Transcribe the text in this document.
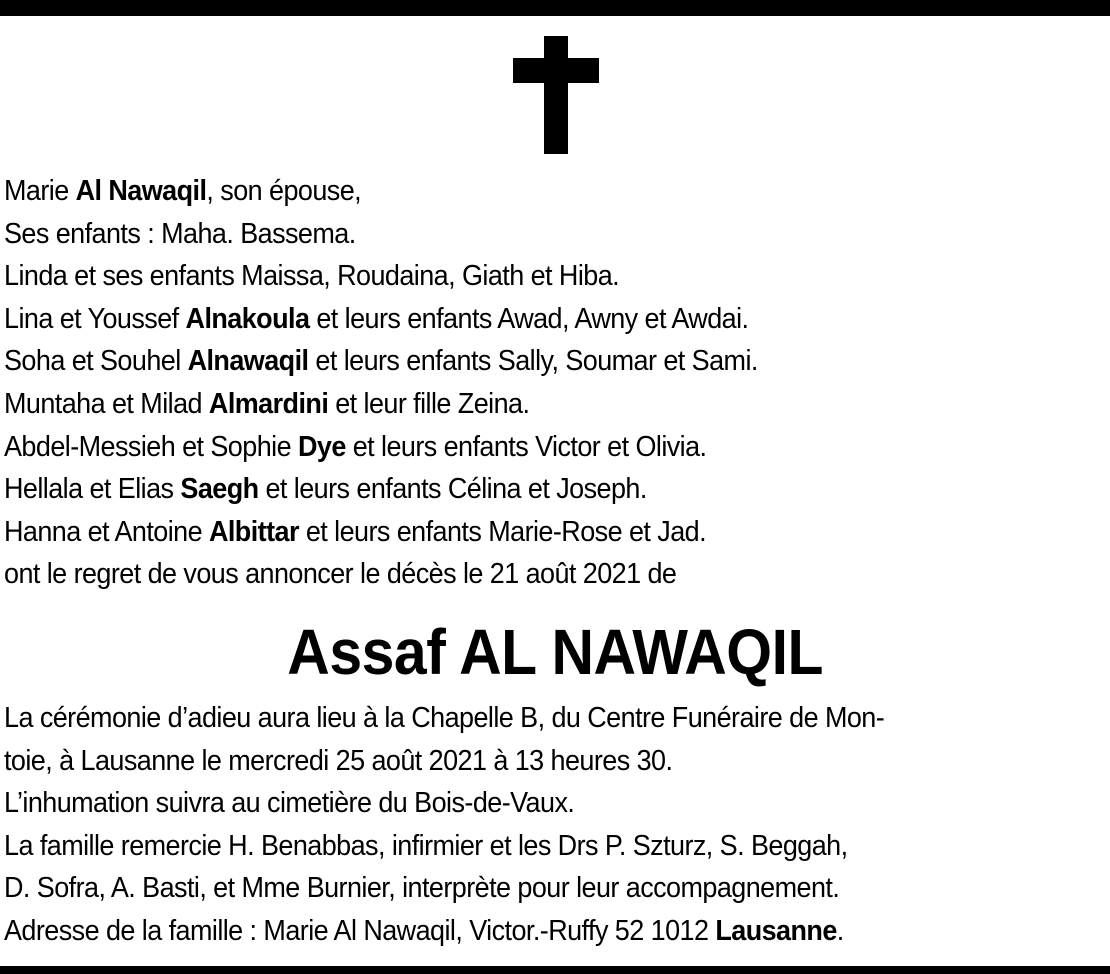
Marie Al Nawaqil, son épouse,
Ses enfants : Maha. Bassema.
Linda et ses enfants Maissa, Roudaina, Giath et Hiba.
Lina et Youssef Alnakoula et leurs enfants Awad, Awny et Awdai.
Soha et Souhel Alnawaqil et leurs enfants Sally, Soumar et Sami.
Muntaha et Milad Almardini et leur fille Zeina.
Abdel-Messieh et Sophie Dye et leurs enfants Victor et Olivia.
Hellala et Elias Saegh et leurs enfants Célina et Joseph.
Hanna et Antoine Albittar et leurs enfants Marie-Rose et Jad.
ont le regret de vous annoncer le décès le 21 août 2021 de
Assaf AL NAWAQIL
La cérémonie d’adieu aura lieu à la Chapelle B, du Centre Funéraire de Mon-
toie, à Lausanne le mercredi 25 août 2021 à 13 heures 30.
L’inhumation suivra au cimetière du Bois-de-Vaux.
La famille remercie H. Benabbas, infirmier et les Drs P. Szturz, S. Beggah,
D. Sofra, A. Basti, et Mme Burnier, interprète pour leur accompagnement.
Adresse de la famille : Marie Al Nawaqil, Victor.-Ruffy 52 1012 Lausanne.
